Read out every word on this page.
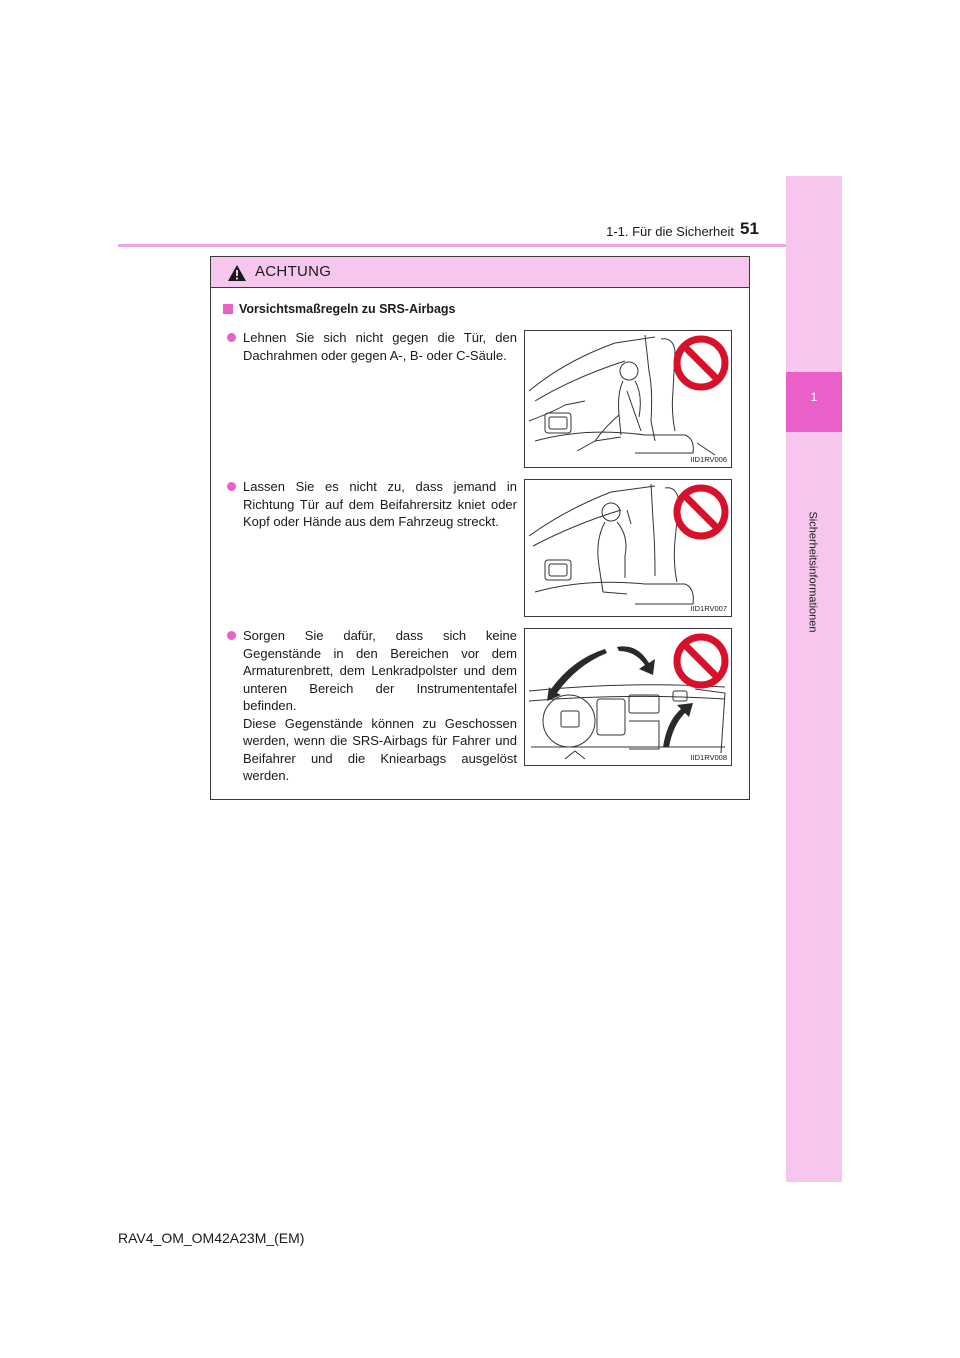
1
Sicherheitsinformationen
1-1. Für die Sicherheit 51
ACHTUNG
Vorsichtsmaßregeln zu SRS-Airbags
Lehnen Sie sich nicht gegen die Tür, den Dachrahmen oder gegen A-, B- oder C-Säule.
IID1RV006
Lassen Sie es nicht zu, dass jemand in Richtung Tür auf dem Beifahrersitz kniet oder Kopf oder Hände aus dem Fahrzeug streckt.
IID1RV007
Sorgen Sie dafür, dass sich keine Gegenstände in den Bereichen vor dem Armaturenbrett, dem Lenkradpolster und dem unteren Bereich der Instrumententafel befinden.
Diese Gegenstände können zu Geschossen werden, wenn die SRS-Airbags für Fahrer und Beifahrer und die Kniearbags ausgelöst werden.
IID1RV008
RAV4_OM_OM42A23M_(EM)
